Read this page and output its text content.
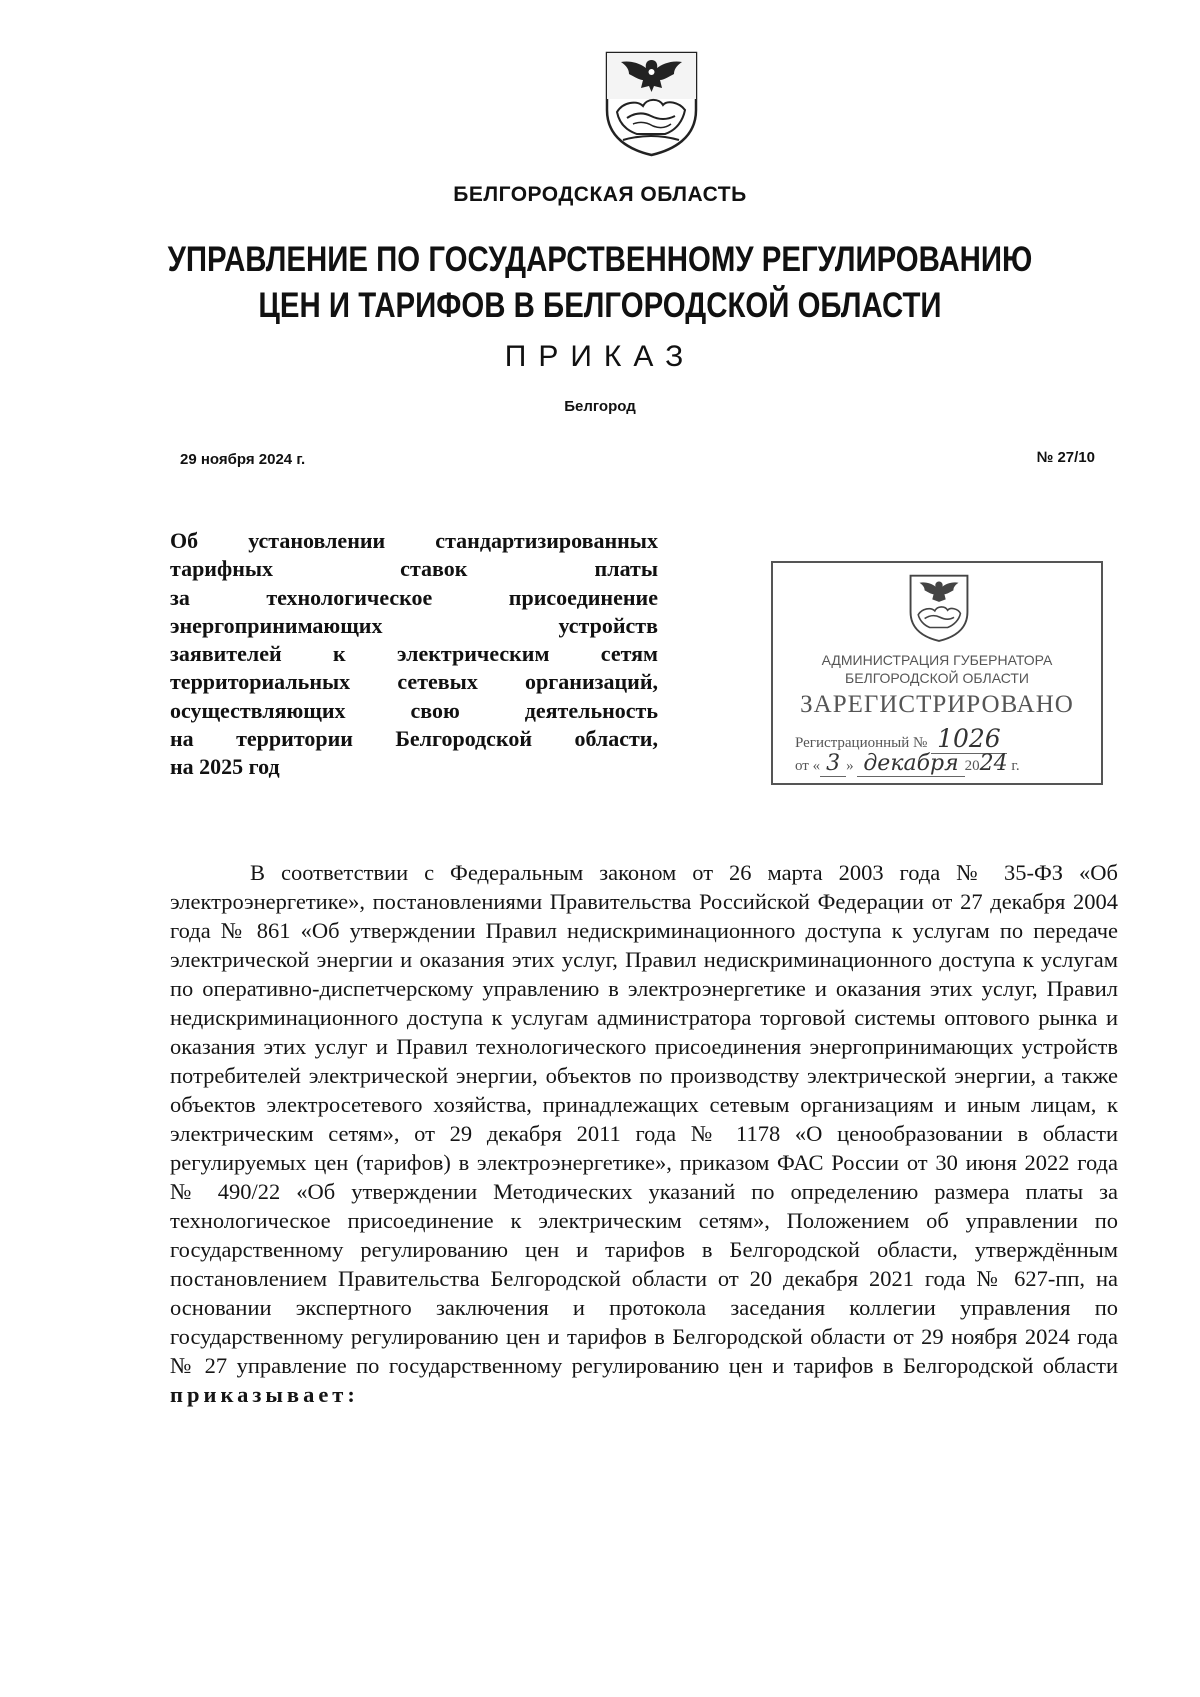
БЕЛГОРОДСКАЯ ОБЛАСТЬ
УПРАВЛЕНИЕ ПО ГОСУДАРСТВЕННОМУ РЕГУЛИРОВАНИЮ
ЦЕН И ТАРИФОВ В БЕЛГОРОДСКОЙ ОБЛАСТИ
ПРИКАЗ
Белгород
29 ноября 2024 г.	№ 27/10
Об установлении стандартизированных
тарифных ставок платы
за технологическое присоединение
энергопринимающих устройств
заявителей к электрическим сетям
территориальных сетевых организаций,
осуществляющих свою деятельность
на территории Белгородской области,
на 2025 год
АДМИНИСТРАЦИЯ ГУБЕРНАТОРА
БЕЛГОРОДСКОЙ ОБЛАСТИ
ЗАРЕГИСТРИРОВАНО
Регистрационный № 1026
от « 3 » декабря 2024 г.

В соответствии с Федеральным законом от 26 марта 2003 года № 35-ФЗ «Об электроэнергетике», постановлениями Правительства Российской Федерации от 27 декабря 2004 года № 861 «Об утверждении Правил недискриминационного доступа к услугам по передаче электрической энергии и оказания этих услуг, Правил недискриминационного доступа к услугам по оперативно-диспетчерскому управлению в электроэнергетике и оказания этих услуг, Правил недискриминационного доступа к услугам администратора торговой системы оптового рынка и оказания этих услуг и Правил технологического присоединения энергопринимающих устройств потребителей электрической энергии, объектов по производству электрической энергии, а также объектов электросетевого хозяйства, принадлежащих сетевым организациям и иным лицам, к электрическим сетям», от 29 декабря 2011 года № 1178 «О ценообразовании в области регулируемых цен (тарифов) в электроэнергетике», приказом ФАС России от 30 июня 2022 года № 490/22 «Об утверждении Методических указаний по определению размера платы за технологическое присоединение к электрическим сетям», Положением об управлении по государственному регулированию цен и тарифов в Белгородской области, утверждённым постановлением Правительства Белгородской области от 20 декабря 2021 года № 627-пп, на основании экспертного заключения и протокола заседания коллегии управления по государственному регулированию цен и тарифов в Белгородской области от 29 ноября 2024 года № 27 управление по государственному регулированию цен и тарифов в Белгородской области приказывает:
